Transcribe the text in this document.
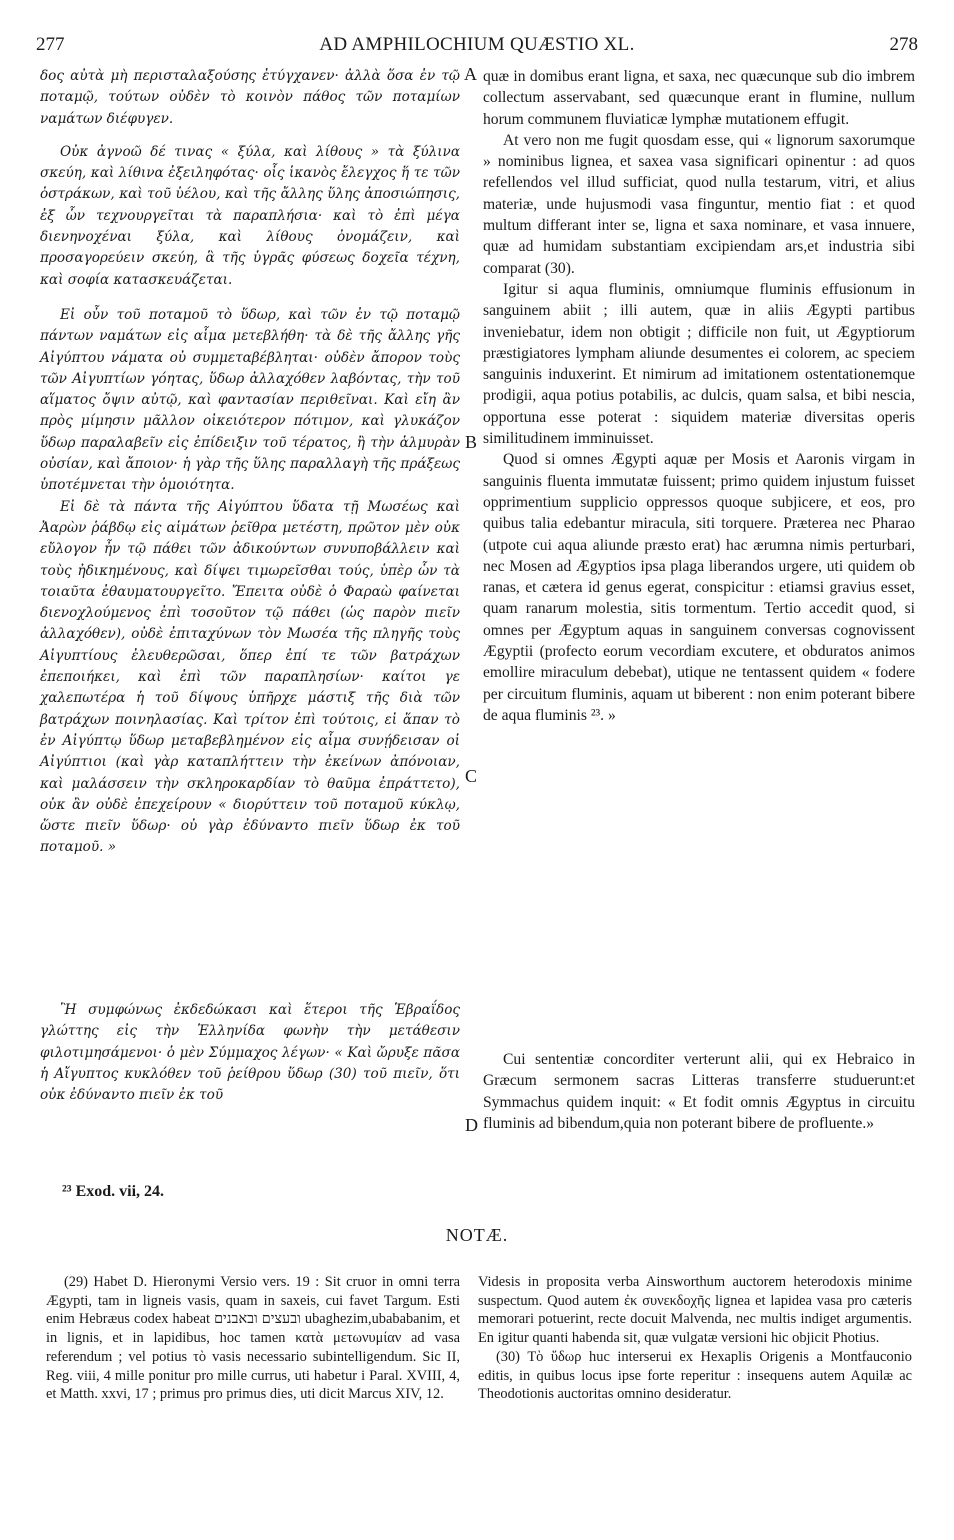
277	AD AMPHILOCHIUM QUÆSTIO XL.	278

δος αὐτὰ μὴ περισταλαξούσης ἐτύγχανεν· ἀλλὰ ὅσα ἐν τῷ ποταμῷ, τούτων οὐδὲν τὸ κοινὸν πάθος τῶν ποταμίων ναμάτων διέφυγεν.

Οὐκ ἀγνοῶ δέ τινας « ξύλα, καὶ λίθους » τὰ ξύλινα σκεύη, καὶ λίθινα ἐξειληφότας· οἷς ἱκανὸς ἔλεγχος ἥ τε τῶν ὀστράκων, καὶ τοῦ ὑέλου, καὶ τῆς ἄλλης ὕλης ἀποσιώπησις, ἐξ ὧν τεχνουργεῖται τὰ παραπλήσια· καὶ τὸ ἐπὶ μέγα διενηνοχέναι ξύλα, καὶ λίθους ὀνομάζειν, καὶ προσαγορεύειν σκεύη, ἃ τῆς ὑγρᾶς φύσεως δοχεῖα τέχνη, καὶ σοφία κατασκευάζεται.

Εἰ οὖν τοῦ ποταμοῦ τὸ ὕδωρ, καὶ τῶν ἐν τῷ ποταμῷ πάντων ναμάτων εἰς αἷμα μετεβλήθη· τὰ δὲ τῆς ἄλλης γῆς Αἰγύπτου νάματα οὐ συμμεταβέβληται· οὐδὲν ἄπορον τοὺς τῶν Αἰγυπτίων γόητας, ὕδωρ ἀλλαχόθεν λαβόντας, τὴν τοῦ αἵματος ὄψιν αὐτῷ, καὶ φαντασίαν περιθεῖναι. Καὶ εἴη ἂν πρὸς μίμησιν μᾶλλον οἰκειότερον πότιμον, καὶ γλυκάζον ὕδωρ παραλαβεῖν εἰς ἐπίδειξιν τοῦ τέρατος, ἢ τὴν ἁλμυρὰν οὐσίαν, καὶ ἄποιον· ἡ γὰρ τῆς ὕλης παραλλαγὴ τῆς πράξεως ὑποτέμνεται τὴν ὁμοιότητα.

Εἰ δὲ τὰ πάντα τῆς Αἰγύπτου ὕδατα τῇ Μωσέως καὶ Ἀαρὼν ῥάβδῳ εἰς αἱμάτων ῥεῖθρα μετέστη, πρῶτον μὲν οὐκ εὔλογον ἦν τῷ πάθει τῶν ἀδικούντων συνυποβάλλειν καὶ τοὺς ἠδικημένους, καὶ δίψει τιμωρεῖσθαι τούς, ὑπὲρ ὧν τὰ τοιαῦτα ἐθαυματουργεῖτο. Ἔπειτα οὐδὲ ὁ Φαραὼ φαίνεται διενοχλούμενος ἐπὶ τοσοῦτον τῷ πάθει (ὡς παρὸν πιεῖν ἀλλαχόθεν), οὐδὲ ἐπιταχύνων τὸν Μωσέα τῆς πληγῆς τοὺς Αἰγυπτίους ἐλευθερῶσαι, ὅπερ ἐπί τε τῶν βατράχων ἐπεποιήκει, καὶ ἐπὶ τῶν παραπλησίων· καίτοι γε χαλεπωτέρα ἡ τοῦ δίψους ὑπῆρχε μάστιξ τῆς διὰ τῶν βατράχων ποινηλασίας. Καὶ τρίτον ἐπὶ τούτοις, εἰ ἅπαν τὸ ἐν Αἰγύπτῳ ὕδωρ μεταβεβλημένον εἰς αἷμα συνῄδεισαν οἱ Αἰγύπτιοι (καὶ γὰρ καταπλήττειν τὴν ἐκείνων ἀπόνοιαν, καὶ μαλάσσειν τὴν σκληροκαρδίαν τὸ θαῦμα ἐπράττετο), οὐκ ἂν οὐδὲ ἐπεχείρουν « διορύττειν τοῦ ποταμοῦ κύκλῳ, ὥστε πιεῖν ὕδωρ· οὐ γὰρ ἐδύναντο πιεῖν ὕδωρ ἐκ τοῦ ποταμοῦ. »

Ἢ συμφώνως ἐκδεδώκασι καὶ ἕτεροι τῆς Ἑβραΐδος γλώττης εἰς τὴν Ἑλληνίδα φωνὴν τὴν μετάθεσιν φιλοτιμησάμενοι· ὁ μὲν Σύμμαχος λέγων· « Καὶ ὤρυξε πᾶσα ἡ Αἴγυπτος κυκλόθεν τοῦ ῥείθρου ὕδωρ (30) τοῦ πιεῖν, ὅτι οὐκ ἐδύναντο πιεῖν ἐκ τοῦ

A
B
C
D

quæ in domibus erant ligna, et saxa, nec quæcunque sub dio imbrem collectum asservabant, sed quæcunque erant in flumine, nullum horum communem fluviaticæ lymphæ mutationem effugit.

At vero non me fugit quosdam esse, qui « lignorum saxorumque » nominibus lignea, et saxea vasa significari opinentur : ad quos refellendos vel illud sufficiat, quod nulla testarum, vitri, et alius materiæ, unde hujusmodi vasa finguntur, mentio fiat : et quod multum differant inter se, ligna et saxa nominare, et vasa innuere, quæ ad humidam substantiam excipiendam ars,et industria sibi comparat (30).

Igitur si aqua fluminis, omniumque fluminis effusionum in sanguinem abiit ; illi autem, quæ in aliis Ægypti partibus inveniebatur, idem non obtigit ; difficile non fuit, ut Ægyptiorum præstigiatores lympham aliunde desumentes ei colorem, ac speciem sanguinis induxerint. Et nimirum ad imitationem ostentationemque prodigii, aqua potius potabilis, ac dulcis, quam salsa, et bibi nescia, opportuna esse poterat : siquidem materiæ diversitas operis similitudinem imminuisset.

Quod si omnes Ægypti aquæ per Mosis et Aaronis virgam in sanguinis fluenta immutatæ fuissent; primo quidem injustum fuisset opprimentium supplicio oppressos quoque subjicere, et eos, pro quibus talia edebantur miracula, siti torquere. Præterea nec Pharao (utpote cui aqua aliunde præsto erat) hac ærumna nimis perturbari, nec Mosen ad Ægyptios ipsa plaga liberandos urgere, uti quidem ob ranas, et cætera id genus egerat, conspicitur : etiamsi gravius esset, quam ranarum molestia, sitis tormentum. Tertio accedit quod, si omnes per Ægyptum aquas in sanguinem conversas cognovissent Ægyptii (profecto eorum vecordiam excutere, et obduratos animos emollire miraculum debebat), utique ne tentassent quidem « fodere per circuitum fluminis, aquam ut biberent : non enim poterant bibere de aqua fluminis ²³. »

Cui sententiæ concorditer verterunt alii, qui ex Hebraico in Græcum sermonem sacras Litteras transferre studuerunt:et Symmachus quidem inquit: « Et fodit omnis Ægyptus in circuitu fluminis ad bibendum,quia non poterant bibere de profluente.»

²³ Exod. vii, 24.
NOTÆ.

(29) Habet D. Hieronymi Versio vers. 19 : Sit cruor in omni terra Ægypti, tam in ligneis vasis, quam in saxeis, cui favet Targum. Esti enim Hebræus codex habeat ובעצים ובאבנים ubaghezim,ubababanim, et in lignis, et in lapidibus, hoc tamen κατὰ μετωνυμίαν ad vasa referendum ; vel potius τὸ vasis necessario subintelligendum. Sic II, Reg. viii, 4 mille ponitur pro mille currus, uti habetur i Paral. XVIII, 4, et Matth. xxvi, 17 ; primus pro primus dies, uti dicit Marcus XIV, 12.

Videsis in proposita verba Ainsworthum auctorem heterodoxis minime suspectum. Quod autem ἐκ συνεκδοχῆς lignea et lapidea vasa pro cæteris memorari potuerint, recte docuit Malvenda, nec multis indiget argumentis. En igitur quanti habenda sit, quæ vulgatæ versioni hic objicit Photius.

(30) Τὸ ὕδωρ huc interserui ex Hexaplis Origenis a Montfauconio editis, in quibus locus ipse forte reperitur : insequens autem Aquilæ ac Theodotionis auctoritas omnino desideratur.
